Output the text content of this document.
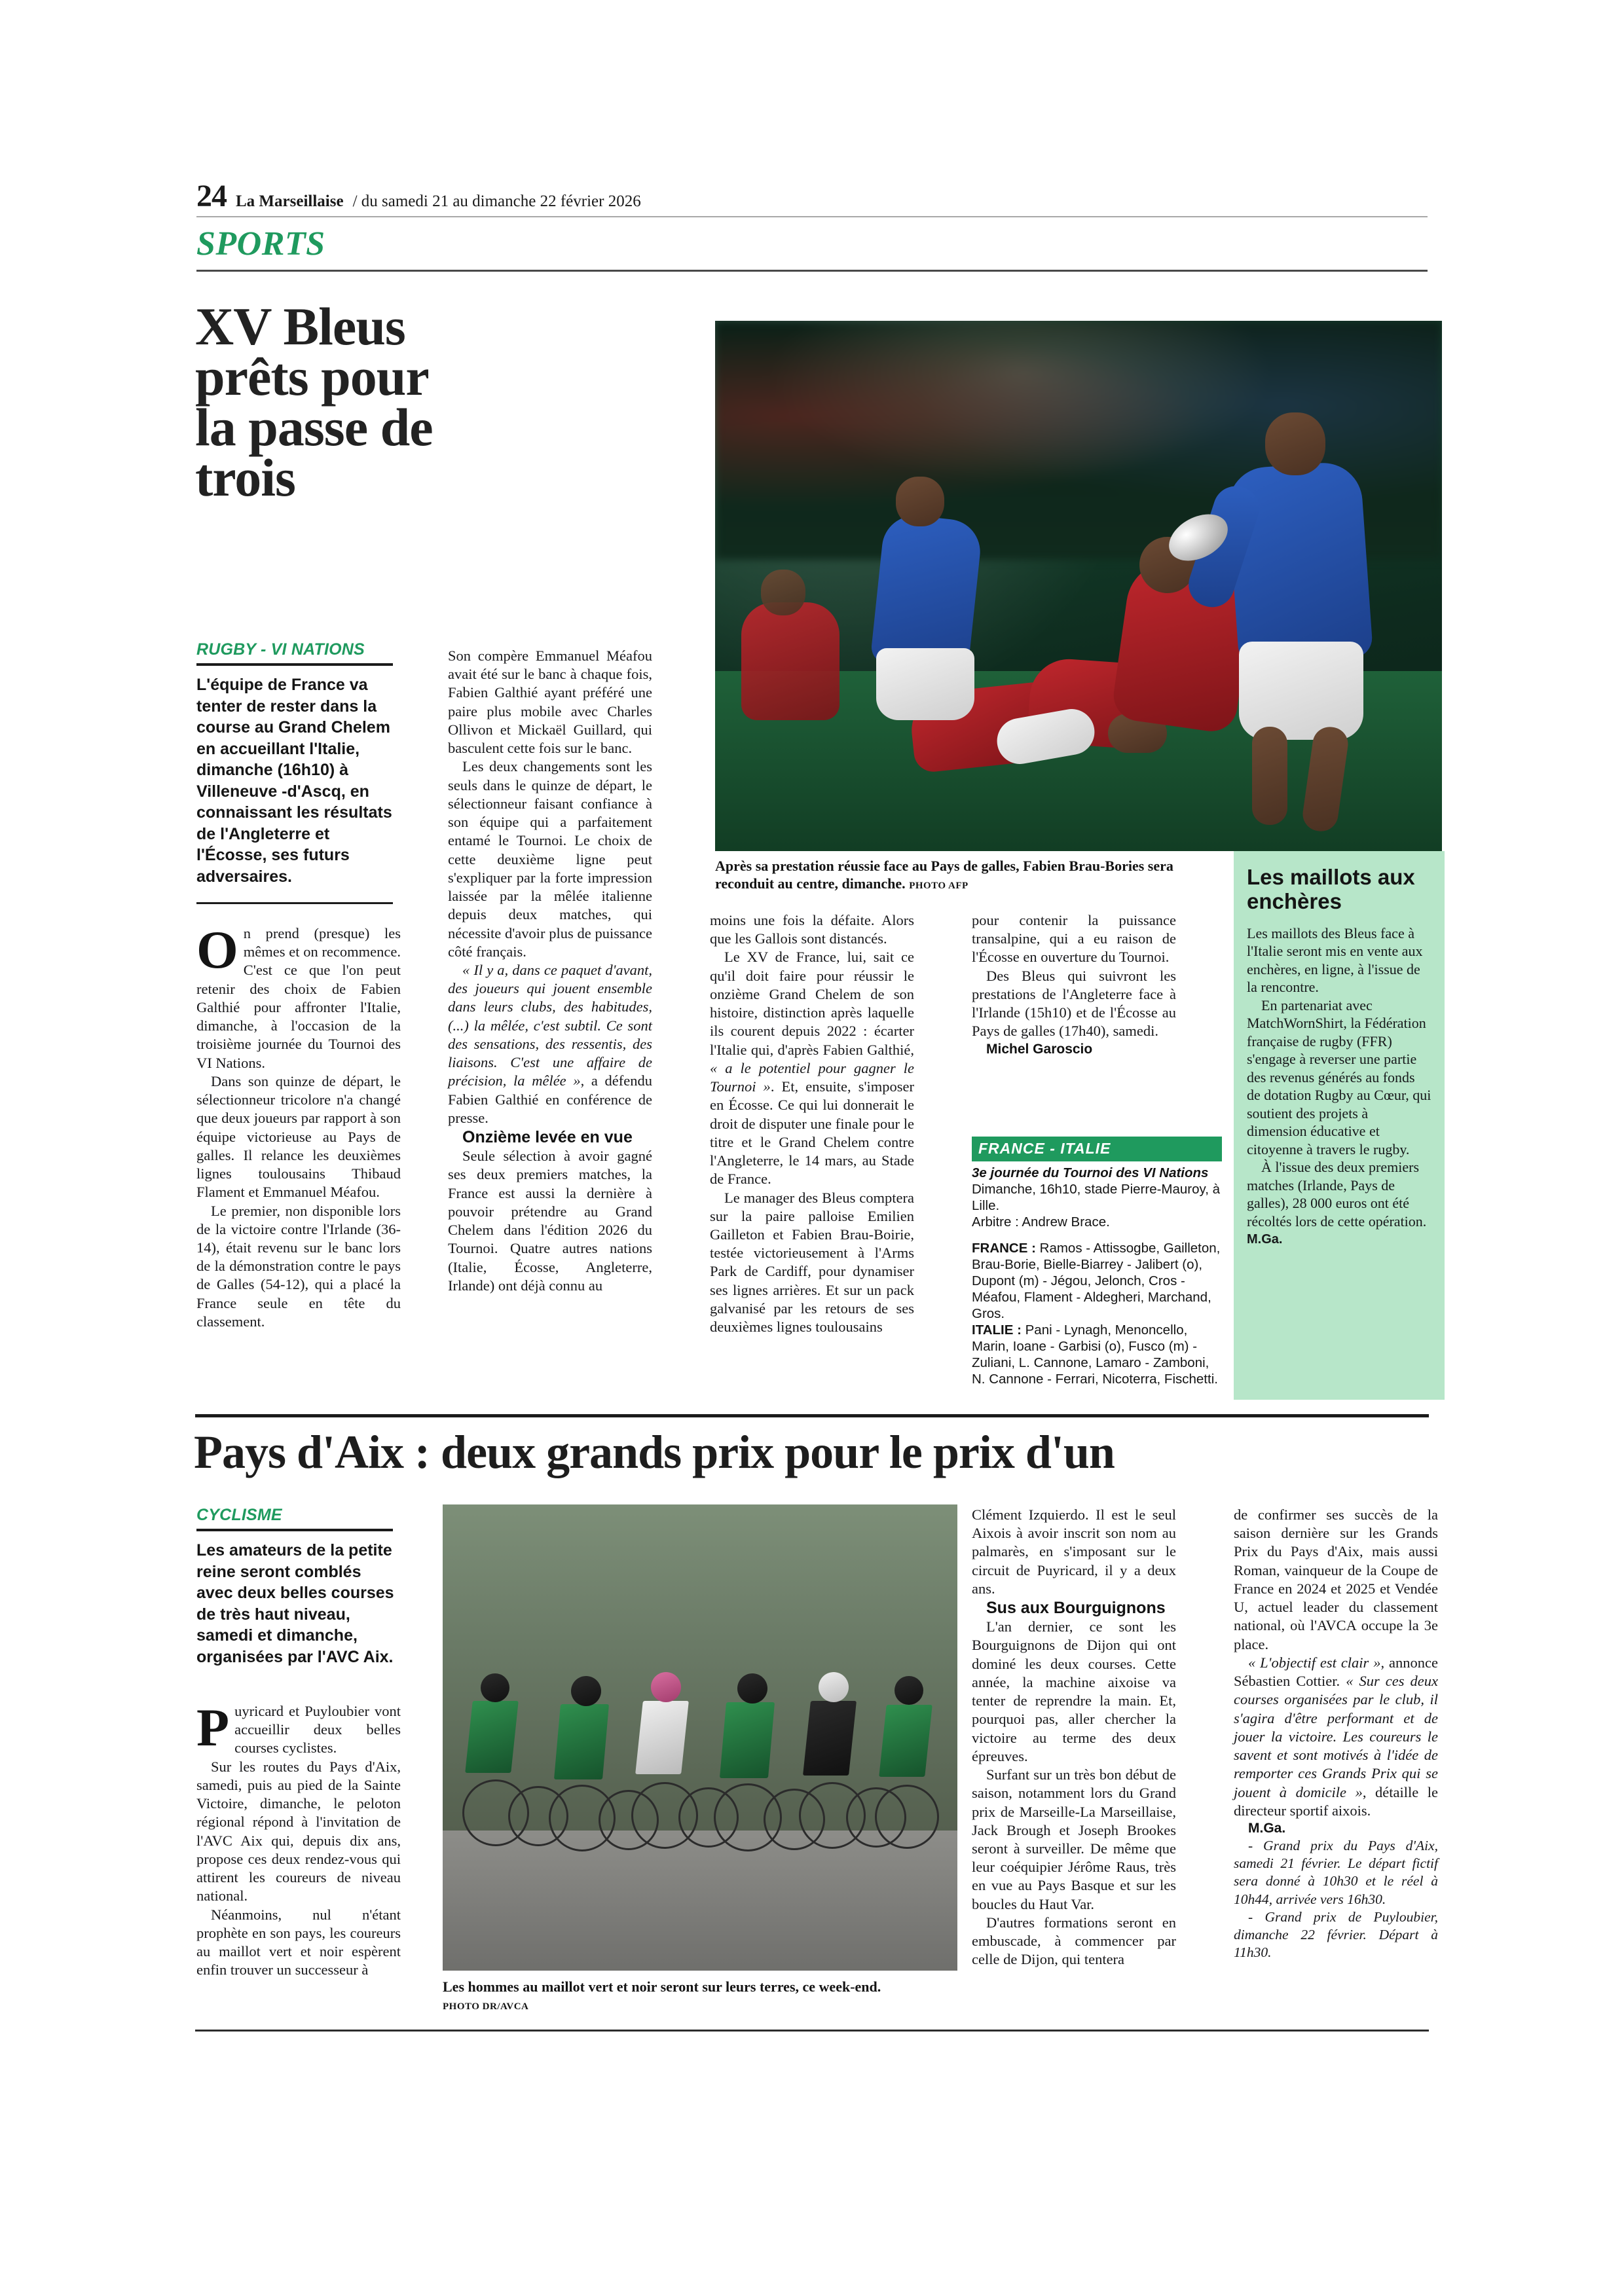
24 La Marseillaise / du samedi 21 au dimanche 22 février 2026
SPORTS
XV Bleus prêts pour la passe de trois
RUGBY - VI NATIONS
L'équipe de France va tenter de rester dans la course au Grand Chelem en accueillant l'Italie, dimanche (16h10) à Villeneuve -d'Ascq, en connaissant les résultats de l'Angleterre et l'Écosse, ses futurs adversaires.
Après sa prestation réussie face au Pays de galles, Fabien Brau-Bories sera reconduit au centre, dimanche. PHOTO AFP

On prend (presque) les mêmes et on recommence. C'est ce que l'on peut retenir des choix de Fabien Galthié pour affronter l'Italie, dimanche, à l'occasion de la troisième journée du Tournoi des VI Nations.

Dans son quinze de départ, le sélectionneur tricolore n'a changé que deux joueurs par rapport à son équipe victorieuse au Pays de galles. Il relance les deuxièmes lignes toulousains Thibaud Flament et Emmanuel Méafou.

Le premier, non disponible lors de la victoire contre l'Irlande (36-14), était revenu sur le banc lors de la démonstration contre le pays de Galles (54-12), qui a placé la France seule en tête du classement.

Son compère Emmanuel Méafou avait été sur le banc à chaque fois, Fabien Galthié ayant préféré une paire plus mobile avec Charles Ollivon et Mickaël Guillard, qui basculent cette fois sur le banc.

Les deux changements sont les seuls dans le quinze de départ, le sélectionneur faisant confiance à son équipe qui a parfaitement entamé le Tournoi. Le choix de cette deuxième ligne peut s'expliquer par la forte impression laissée par la mêlée italienne depuis deux matches, qui nécessite d'avoir plus de puissance côté français.

« Il y a, dans ce paquet d'avant, des joueurs qui jouent ensemble dans leurs clubs, des habitudes, (...) la mêlée, c'est subtil. Ce sont des sensations, des ressentis, des liaisons. C'est une affaire de précision, la mêlée », a défendu Fabien Galthié en conférence de presse.

Onzième levée en vue

Seule sélection à avoir gagné ses deux premiers matches, la France est aussi la dernière à pouvoir prétendre au Grand Chelem dans l'édition 2026 du Tournoi. Quatre autres nations (Italie, Écosse, Angleterre, Irlande) ont déjà connu au

moins une fois la défaite. Alors que les Gallois sont distancés.

Le XV de France, lui, sait ce qu'il doit faire pour réussir le onzième Grand Chelem de son histoire, distinction après laquelle ils courent depuis 2022 : écarter l'Italie qui, d'après Fabien Galthié, « a le potentiel pour gagner le Tournoi ». Et, ensuite, s'imposer en Écosse. Ce qui lui donnerait le droit de disputer une finale pour le titre et le Grand Chelem contre l'Angleterre, le 14 mars, au Stade de France.

Le manager des Bleus comptera sur la paire palloise Emilien Gailleton et Fabien Brau-Boirie, testée victorieusement à l'Arms Park de Cardiff, pour dynamiser ses lignes arrières. Et sur un pack galvanisé par les retours de ses deuxièmes lignes toulousains

pour contenir la puissance transalpine, qui a eu raison de l'Écosse en ouverture du Tournoi.

Des Bleus qui suivront les prestations de l'Angleterre face à l'Irlande (15h10) et de l'Écosse au Pays de galles (17h40), samedi.

Michel Garoscio

FRANCE - ITALIE

3e journée du Tournoi des VI Nations

Dimanche, 16h10, stade Pierre-Mauroy, à Lille.

Arbitre : Andrew Brace.

FRANCE : Ramos - Attissogbe, Gailleton, Brau-Borie, Bielle-Biarrey - Jalibert (o), Dupont (m) - Jégou, Jelonch, Cros - Méafou, Flament - Aldegheri, Marchand, Gros.

ITALIE : Pani - Lynagh, Menoncello, Marin, Ioane - Garbisi (o), Fusco (m) - Zuliani, L. Cannone, Lamaro - Zamboni, N. Cannone - Ferrari, Nicoterra, Fischetti.

Les maillots aux enchères

Les maillots des Bleus face à l'Italie seront mis en vente aux enchères, en ligne, à l'issue de la rencontre.

En partenariat avec MatchWornShirt, la Fédération française de rugby (FFR) s'engage à reverser une partie des revenus générés au fonds de dotation Rugby au Cœur, qui soutient des projets à dimension éducative et citoyenne à travers le rugby.

À l'issue des deux premiers matches (Irlande, Pays de galles), 28 000 euros ont été récoltés lors de cette opération.

M.Ga.
Pays d'Aix : deux grands prix pour le prix d'un
CYCLISME
Les amateurs de la petite reine seront comblés avec deux belles courses de très haut niveau, samedi et dimanche, organisées par l'AVC Aix.
Les hommes au maillot vert et noir seront sur leurs terres, ce week-end. PHOTO DR/AVCA

Puyricard et Puyloubier vont accueillir deux belles courses cyclistes.

Sur les routes du Pays d'Aix, samedi, puis au pied de la Sainte Victoire, dimanche, le peloton régional répond à l'invitation de l'AVC Aix qui, depuis dix ans, propose ces deux rendez-vous qui attirent les coureurs de niveau national.

Néanmoins, nul n'étant prophète en son pays, les coureurs au maillot vert et noir espèrent enfin trouver un successeur à

Clément Izquierdo. Il est le seul Aixois à avoir inscrit son nom au palmarès, en s'imposant sur le circuit de Puyricard, il y a deux ans.

Sus aux Bourguignons

L'an dernier, ce sont les Bourguignons de Dijon qui ont dominé les deux courses. Cette année, la machine aixoise va tenter de reprendre la main. Et, pourquoi pas, aller chercher la victoire au terme des deux épreuves.

Surfant sur un très bon début de saison, notamment lors du Grand prix de Marseille-La Marseillaise, Jack Brough et Joseph Brookes seront à surveiller. De même que leur coéquipier Jérôme Raus, très en vue au Pays Basque et sur les boucles du Haut Var.

D'autres formations seront en embuscade, à commencer par celle de Dijon, qui tentera

de confirmer ses succès de la saison dernière sur les Grands Prix du Pays d'Aix, mais aussi Roman, vainqueur de la Coupe de France en 2024 et 2025 et Vendée U, actuel leader du classement national, où l'AVCA occupe la 3e place.

« L'objectif est clair », annonce Sébastien Cottier. « Sur ces deux courses organisées par le club, il s'agira d'être performant et de jouer la victoire. Les coureurs le savent et sont motivés à l'idée de remporter ces Grands Prix qui se jouent à domicile », détaille le directeur sportif aixois.

M.Ga.

- Grand prix du Pays d'Aix, samedi 21 février. Le départ fictif sera donné à 10h30 et le réel à 10h44, arrivée vers 16h30.

- Grand prix de Puyloubier, dimanche 22 février. Départ à 11h30.
